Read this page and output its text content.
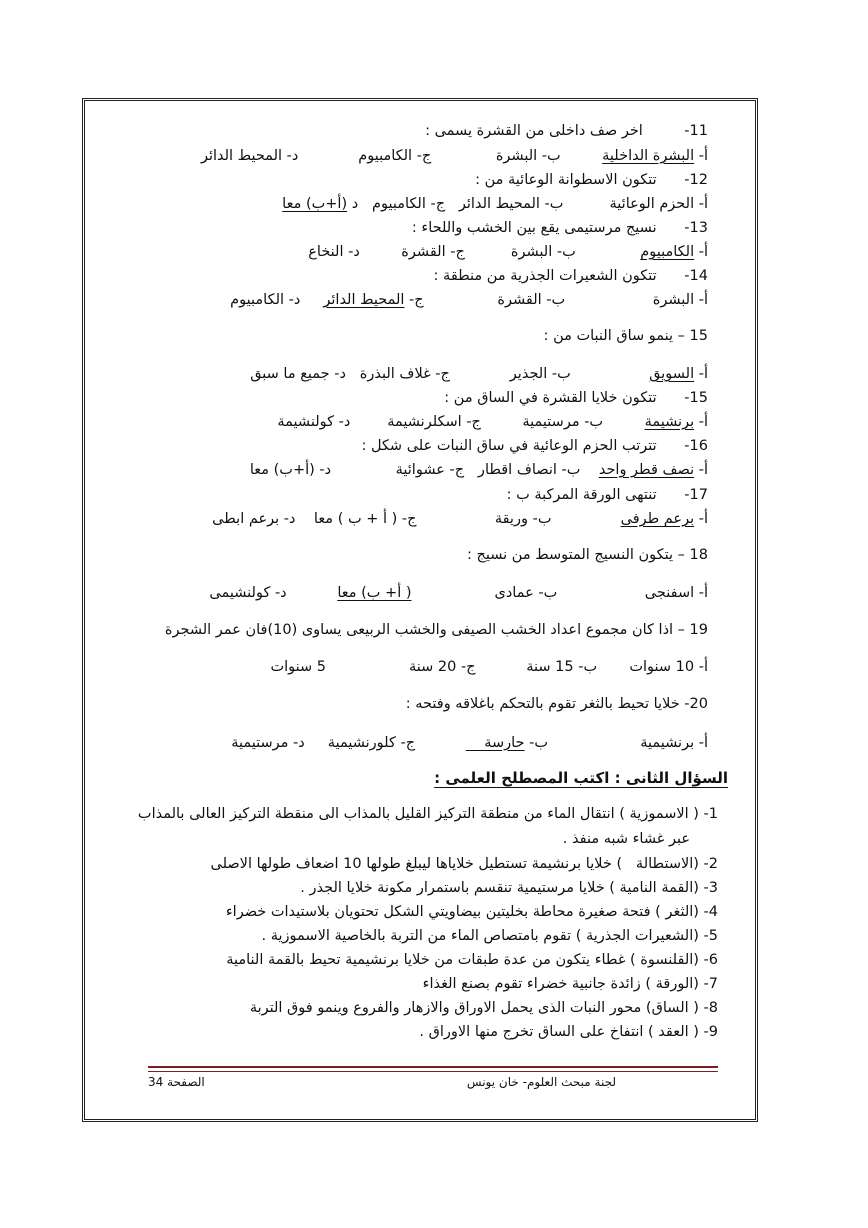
11-         اخر صف داخلى من القشرة يسمى :
أ- البشرة الداخلية         ب- البشرة              ج- الكامبيوم             د- المحيط الدائر
12-      تتكون الاسطوانة الوعائية من :
أ- الحزم الوعائية          ب- المحيط الدائر   ج- الكامبيوم   د (أ+ب) معا
13-      نسيج مرستيمى يقع بين الخشب واللحاء :
أ- الكامبيوم              ب- البشرة          ج- القشرة         د- النخاع
14-      تتكون الشعيرات الجذرية من منطقة :
أ- البشرة                   ب- القشرة                ج- المحيط الدائر     د- الكامبيوم
15 – ينمو ساق النبات من :
أ- السويق                 ب- الجذير             ج- غلاف البذرة   د- جميع ما سبق
15-      تتكون خلايا القشرة في الساق من :
أ- برنشيمة         ب- مرستيمية         ج- اسكلرنشيمة        د- كولنشيمة
16-      تترتب الحزم الوعائية في ساق النبات على شكل :
أ- نصف قطر واحد    ب- انصاف اقطار   ج- عشوائية              د- (أ+ب) معا
17-      تنتهى الورقة المركبة ب :
أ- برعم طرفى               ب- وريقة                 ج- ( أ + ب ) معا    د- برعم ابطى
18 – يتكون النسيج المتوسط من نسيج :
أ- اسفنجى                   ب- عمادى                  ( أ+ ب) معا           د- كولنشيمى
19 – اذا كان مجموع اعداد الخشب الصيفى والخشب الربيعى يساوى (10)فان عمر الشجرة
أ- 10 سنوات       ب- 15 سنة           ج- 20 سنة                  5 سنوات
20- خلايا تحيط بالثغر تقوم بالتحكم باغلاقه وفتحه :
أ- برنشيمية                    ب- حارسة               ج- كلورنشيمية     د- مرستيمية
السؤال الثانى : اكتب المصطلح العلمى :
1- ( الاسموزية ) انتقال الماء من منطقة التركيز القليل بالمذاب الى منقطة التركيز العالى بالمذاب
عبر غشاء شبه منفذ .
2- (الاستطالة   ) خلايا برنشيمة تستطيل خلاياها ليبلغ طولها 10 اضعاف طولها الاصلى
3- (القمة النامية ) خلايا مرستيمية تنقسم باستمرار مكونة خلايا الجذر .
4- (الثغر ) فتحة صغيرة محاطة بخليتين بيضاويتي الشكل تحتويان بلاستيدات خضراء
5- (الشعيرات الجذرية ) تقوم بامتصاص الماء من التربة بالخاصية الاسموزية .
6- (القلنسوة ) غطاء يتكون من عدة طبقات من خلايا برنشيمية تحيط بالقمة النامية
7- (الورقة ) زائدة جانبية خضراء تقوم بصنع الغذاء
8- ( الساق) محور النبات الذى يحمل الاوراق والازهار والفروع وينمو فوق التربة
9- ( العقد ) انتفاخ على الساق تخرج منها الاوراق .
لجنة مبحث العلوم- خان يونس
الصفحة 34
